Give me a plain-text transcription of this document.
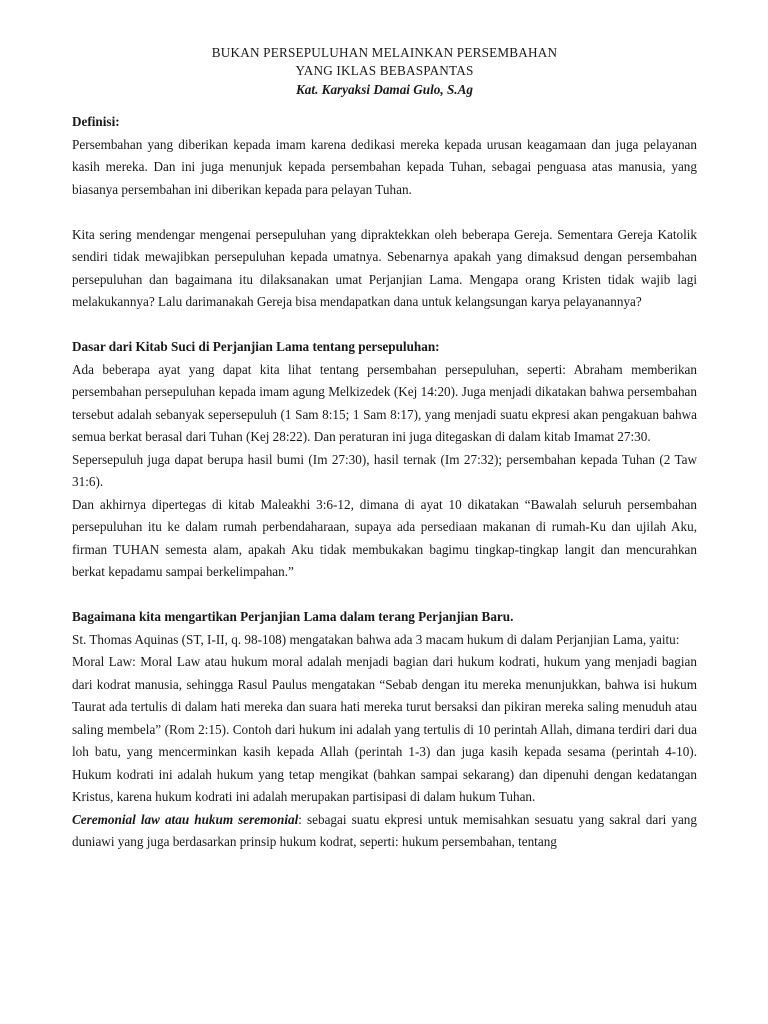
BUKAN PERSEPULUHAN MELAINKAN PERSEMBAHAN

YANG IKLAS BEBASPANTAS

Kat. Karyaksi Damai Gulo, S.Ag

Definisi:

Persembahan yang diberikan kepada imam karena dedikasi mereka kepada urusan keagamaan dan juga pelayanan kasih mereka. Dan ini juga menunjuk kepada persembahan kepada Tuhan, sebagai penguasa atas manusia, yang biasanya persembahan ini diberikan kepada para pelayan Tuhan.

Kita sering mendengar mengenai persepuluhan yang dipraktekkan oleh beberapa Gereja. Sementara Gereja Katolik sendiri tidak mewajibkan persepuluhan kepada umatnya. Sebenarnya apakah yang dimaksud dengan persembahan persepuluhan dan bagaimana itu dilaksanakan umat Perjanjian Lama. Mengapa orang Kristen tidak wajib lagi melakukannya? Lalu darimanakah Gereja bisa mendapatkan dana untuk kelangsungan karya pelayanannya?

Dasar dari Kitab Suci di Perjanjian Lama tentang persepuluhan:

Ada beberapa ayat yang dapat kita lihat tentang persembahan persepuluhan, seperti: Abraham memberikan persembahan persepuluhan kepada imam agung Melkizedek (Kej 14:20). Juga menjadi dikatakan bahwa persembahan tersebut adalah sebanyak sepersepuluh (1 Sam 8:15; 1 Sam 8:17), yang menjadi suatu ekpresi akan pengakuan bahwa semua berkat berasal dari Tuhan (Kej 28:22). Dan peraturan ini juga ditegaskan di dalam kitab Imamat 27:30.

Sepersepuluh juga dapat berupa hasil bumi (Im 27:30), hasil ternak (Im 27:32); persembahan kepada Tuhan (2 Taw 31:6).

Dan akhirnya dipertegas di kitab Maleakhi 3:6-12, dimana di ayat 10 dikatakan “Bawalah seluruh persembahan persepuluhan itu ke dalam rumah perbendaharaan, supaya ada persediaan makanan di rumah-Ku dan ujilah Aku, firman TUHAN semesta alam, apakah Aku tidak membukakan bagimu tingkap-tingkap langit dan mencurahkan berkat kepadamu sampai berkelimpahan.”

Bagaimana kita mengartikan Perjanjian Lama dalam terang Perjanjian Baru.

St. Thomas Aquinas (ST, I-II, q. 98-108) mengatakan bahwa ada 3 macam hukum di dalam Perjanjian Lama, yaitu:

Moral Law: Moral Law atau hukum moral adalah menjadi bagian dari hukum kodrati, hukum yang menjadi bagian dari kodrat manusia, sehingga Rasul Paulus mengatakan “Sebab dengan itu mereka menunjukkan, bahwa isi hukum Taurat ada tertulis di dalam hati mereka dan suara hati mereka turut bersaksi dan pikiran mereka saling menuduh atau saling membela” (Rom 2:15). Contoh dari hukum ini adalah yang tertulis di 10 perintah Allah, dimana terdiri dari dua loh batu, yang mencerminkan kasih kepada Allah (perintah 1-3) dan juga kasih kepada sesama (perintah 4-10). Hukum kodrati ini adalah hukum yang tetap mengikat (bahkan sampai sekarang) dan dipenuhi dengan kedatangan Kristus, karena hukum kodrati ini adalah merupakan partisipasi di dalam hukum Tuhan.

Ceremonial law atau hukum seremonial: sebagai suatu ekpresi untuk memisahkan sesuatu yang sakral dari yang duniawi yang juga berdasarkan prinsip hukum kodrat, seperti: hukum persembahan, tentang
